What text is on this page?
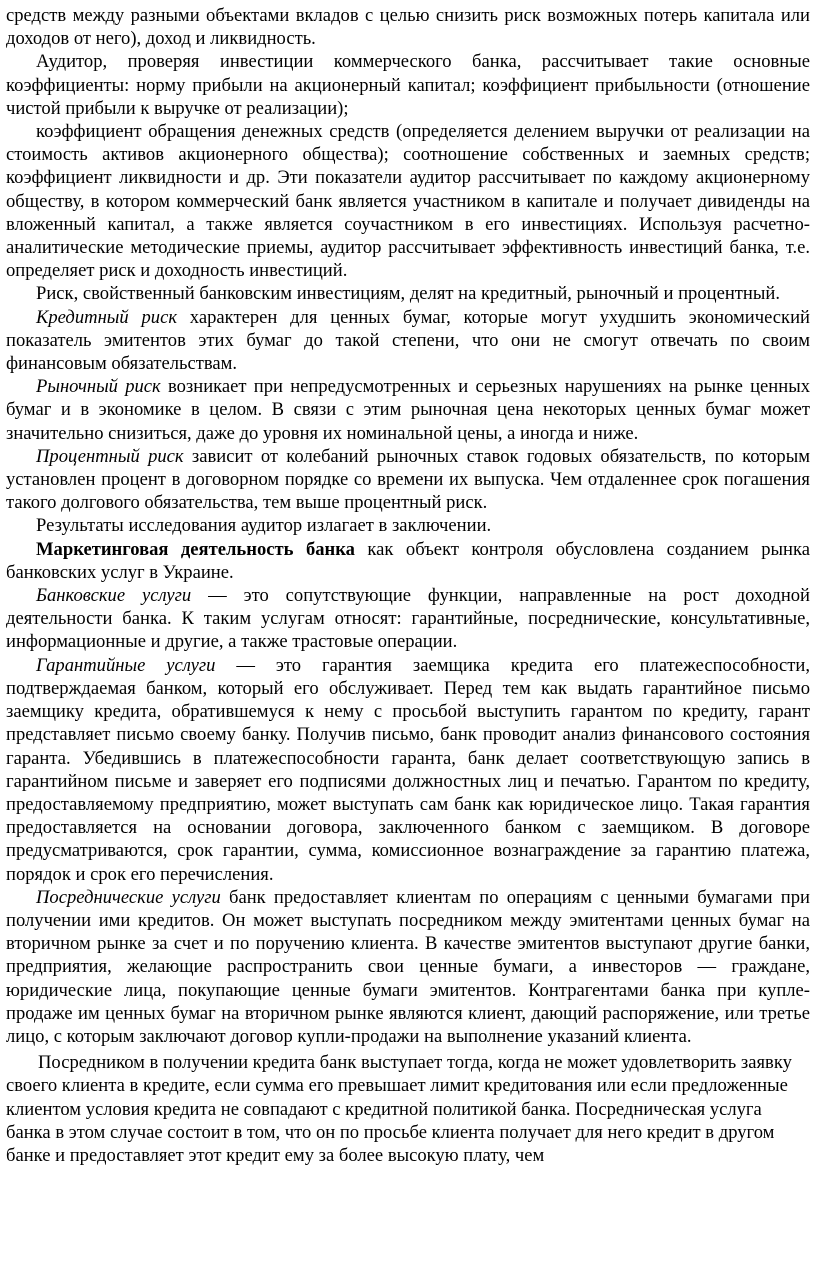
средств между разными объектами вкладов с целью снизить риск возможных потерь капитала или доходов от него), доход и ликвидность.

Аудитор, проверяя инвестиции коммерческого банка, рассчитывает такие основные коэффициенты: норму прибыли на акционерный капитал; коэффициент прибыльности (отношение чистой прибыли к выручке от реализации);

коэффициент обращения денежных средств (определяется делением выручки от реализации на стоимость активов акционерного общества); соотношение собственных и заемных средств; коэффициент ликвидности и др. Эти показатели аудитор рассчитывает по каждому акционерному обществу, в котором коммерческий банк является участником в капитале и получает дивиденды на вложенный капитал, а также является соучастником в его инвестициях. Используя расчетно-аналитические методические приемы, аудитор рассчитывает эффективность инвестиций банка, т.е. определяет риск и доходность инвестиций.

Риск, свойственный банковским инвестициям, делят на кредитный, рыночный и процентный.

Кредитный риск характерен для ценных бумаг, которые могут ухудшить экономический показатель эмитентов этих бумаг до такой степени, что они не смогут отвечать по своим финансовым обязательствам.

Рыночный риск возникает при непредусмотренных и серьезных нарушениях на рынке ценных бумаг и в экономике в целом. В связи с этим рыночная цена некоторых ценных бумаг может значительно снизиться, даже до уровня их номинальной цены, а иногда и ниже.

Процентный риск зависит от колебаний рыночных ставок годовых обязательств, по которым установлен процент в договорном порядке со времени их выпуска. Чем отдаленнее срок погашения такого долгового обязательства, тем выше процентный риск.

Результаты исследования аудитор излагает в заключении.

Маркетинговая деятельность банка как объект контроля обусловлена созданием рынка банковских услуг в Украине.

Банковские услуги — это сопутствующие функции, направленные на рост доходной деятельности банка. К таким услугам относят: гарантийные, посреднические, консультативные, информационные и другие, а также трастовые операции.

Гарантийные услуги — это гарантия заемщика кредита его платежеспособности, подтверждаемая банком, который его обслуживает. Перед тем как выдать гарантийное письмо заемщику кредита, обратившемуся к нему с просьбой выступить гарантом по кредиту, гарант представляет письмо своему банку. Получив письмо, банк проводит анализ финансового состояния гаранта. Убедившись в платежеспособности гаранта, банк делает соответствующую запись в гарантийном письме и заверяет его подписями должностных лиц и печатью. Гарантом по кредиту, предоставляемому предприятию, может выступать сам банк как юридическое лицо. Такая гарантия предоставляется на основании договора, заключенного банком с заемщиком. В договоре предусматриваются, срок гарантии, сумма, комиссионное вознаграждение за гарантию платежа, порядок и срок его перечисления.

Посреднические услуги банк предоставляет клиентам по операциям с ценными бумагами при получении ими кредитов. Он может выступать посредником между эмитентами ценных бумаг на вторичном рынке за счет и по поручению клиента. В качестве эмитентов выступают другие банки, предприятия, желающие распространить свои ценные бумаги, а инвесторов — граждане, юридические лица, покупающие ценные бумаги эмитентов. Контрагентами банка при купле-продаже им ценных бумаг на вторичном рынке являются клиент, дающий распоряжение, или третье лицо, с которым заключают договор купли-продажи на выполнение указаний клиента.

Посредником в получении кредита банк выступает тогда, когда не может удовлетворить заявку своего клиента в кредите, если сумма его превышает лимит кредитования или если предложенные клиентом условия кредита не совпадают с кредитной политикой банка. Посредническая услуга банка в этом случае состоит в том, что он по просьбе клиента получает для него кредит в другом банке и предоставляет этот кредит ему за более высокую плату, чем
